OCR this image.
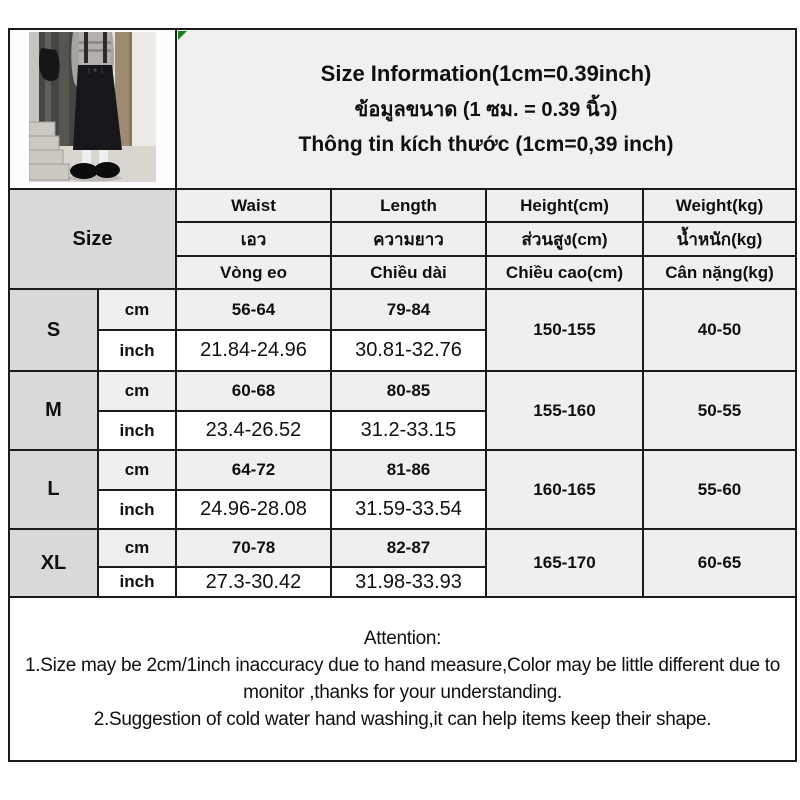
Size Information(1cm=0.39inch)
ข้อมูลขนาด (1 ซม. = 0.39 นิ้ว)
Thông tin kích thước (1cm=0,39 inch)			

Size		Waist	Length	Height(cm)	Weight(kg)
		เอว	ความยาว	ส่วนสูง(cm)	น้ำหนัก(kg)
		Vòng eo	Chiều dài	Chiều cao(cm)	Cân nặng(kg)
S	cm	56-64	79-84	150-155	40-50
	inch	21.84-24.96	30.81-32.76		
M	cm	60-68	80-85	155-160	50-55
	inch	23.4-26.52	31.2-33.15		
L	cm	64-72	81-86	160-165	55-60
	inch	24.96-28.08	31.59-33.54		
XL	cm	70-78	82-87	165-170	60-65
	inch	27.3-30.42	31.98-33.93		

Attention:

1.Size may be 2cm/1inch inaccuracy due to hand measure,Color may be little different due to monitor ,thanks for your understanding.

2.Suggestion of cold water hand washing,it can help items keep their shape.					
